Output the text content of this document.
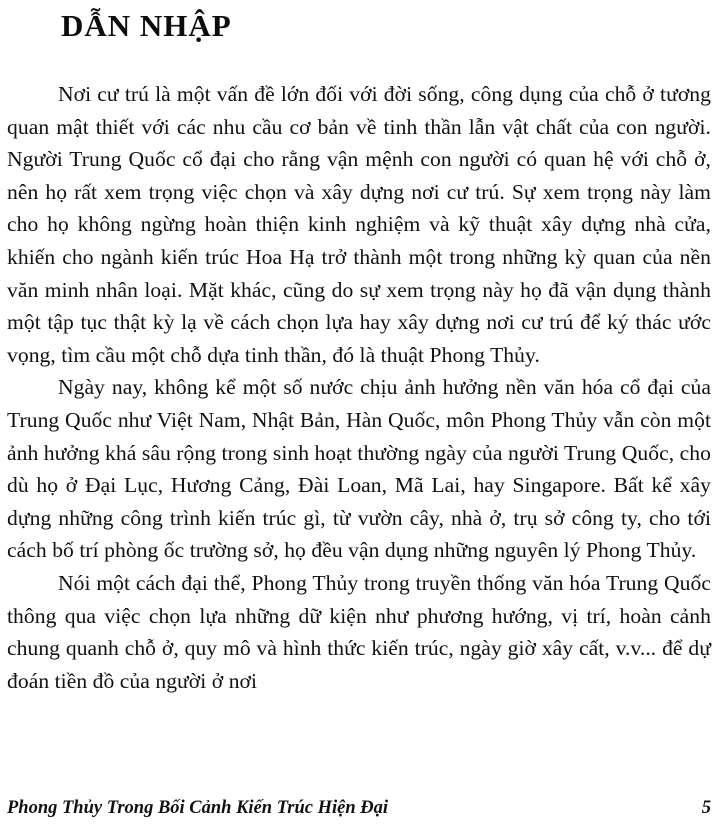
DẪN NHẬP

Nơi cư trú là một vấn đề lớn đối với đời sống, công dụng của chỗ ở tương quan mật thiết với các nhu cầu cơ bản về tinh thần lẫn vật chất của con người. Người Trung Quốc cổ đại cho rằng vận mệnh con người có quan hệ với chỗ ở, nên họ rất xem trọng việc chọn và xây dựng nơi cư trú. Sự xem trọng này làm cho họ không ngừng hoàn thiện kinh nghiệm và kỹ thuật xây dựng nhà cửa, khiến cho ngành kiến trúc Hoa Hạ trở thành một trong những kỳ quan của nền văn minh nhân loại. Mặt khác, cũng do sự xem trọng này họ đã vận dụng thành một tập tục thật kỳ lạ về cách chọn lựa hay xây dựng nơi cư trú để ký thác ước vọng, tìm cầu một chỗ dựa tinh thần, đó là thuật Phong Thủy.

Ngày nay, không kể một số nước chịu ảnh hưởng nền văn hóa cổ đại của Trung Quốc như Việt Nam, Nhật Bản, Hàn Quốc, môn Phong Thủy vẫn còn một ảnh hưởng khá sâu rộng trong sinh hoạt thường ngày của người Trung Quốc, cho dù họ ở Đại Lục, Hương Cảng, Đài Loan, Mã Lai, hay Singapore. Bất kể xây dựng những công trình kiến trúc gì, từ vườn cây, nhà ở, trụ sở công ty, cho tới cách bố trí phòng ốc trường sở, họ đều vận dụng những nguyên lý Phong Thủy.

Nói một cách đại thể, Phong Thủy trong truyền thống văn hóa Trung Quốc thông qua việc chọn lựa những dữ kiện như phương hướng, vị trí, hoàn cảnh chung quanh chỗ ở, quy mô và hình thức kiến trúc, ngày giờ xây cất, v.v... để dự đoán tiền đồ của người ở nơi

Phong Thủy Trong Bối Cảnh Kiến Trúc Hiện Đại	5
